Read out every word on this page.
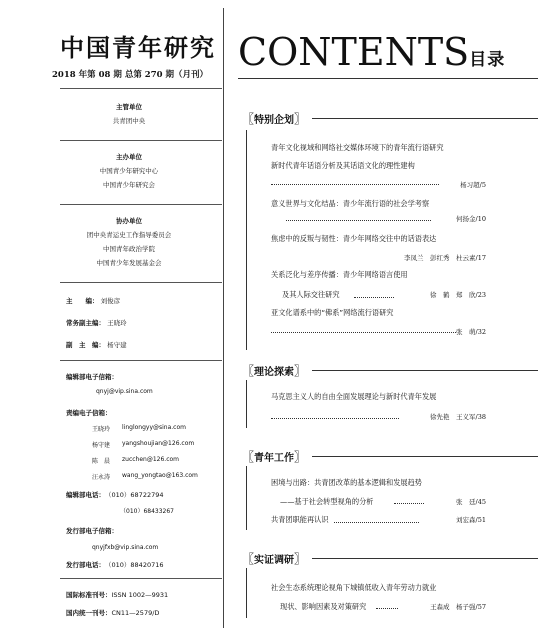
中国青年研究
2018 年第 08 期 总第 270 期（月刊）
主管单位
共青团中央
主办单位
中国青少年研究中心
中国青少年研究会
协办单位
团中央青运史工作指导委员会
中国青年政治学院
中国青少年发展基金会
主　　编： 刘俊彦
常务副主编： 王晓玲
副　主　编： 杨守建
编辑部电子信箱：
qnyj@vip.sina.com
责编电子信箱：
王晓玲 linglongyy@sina.com
杨守建 yangshoujian@126.com
陈　晨 zucchen@126.com
汪永涛 wang_yongtao@163.com
编辑部电话：（010）68722794
（010）68433267
发行部电子信箱：
qnyjfxb@vip.sina.com
发行部电话：（010）88420716
国际标准刊号：ISSN 1002—9931
国内统一刊号：CN11—2579/D
CONTENTS目录
〖特别企划〗
青年文化视域和网络社交媒体环境下的青年流行语研究
新时代青年话语分析及其话语文化的理性建构
杨习超/5
意义世界与文化结晶：青少年流行语的社会学考察
何扬金/10
焦虑中的反叛与韧性：青少年网络交往中的话语表达
李凤兰　彭红秀　杜云素/17
关系泛化与差序传播：青少年网络语言使用
及其人际交往研究	徐　鹤　郑　欣/23
亚文化谱系中的“佛系”网络流行语研究
张　萌/32
〖理论探索〗
马克思主义人的自由全面发展理论与新时代青年发展
徐先艳　王义军/38
〖青年工作〗
困境与出路：共青团改革的基本逻辑和发展趋势
——基于社会转型视角的分析	张　廷/45
共青团职能再认识	刘宏森/51
〖实证调研〗
社会生态系统理论视角下城镇低收入青年劳动力就业
现状、影响因素及对策研究	王森成　杨子强/57
